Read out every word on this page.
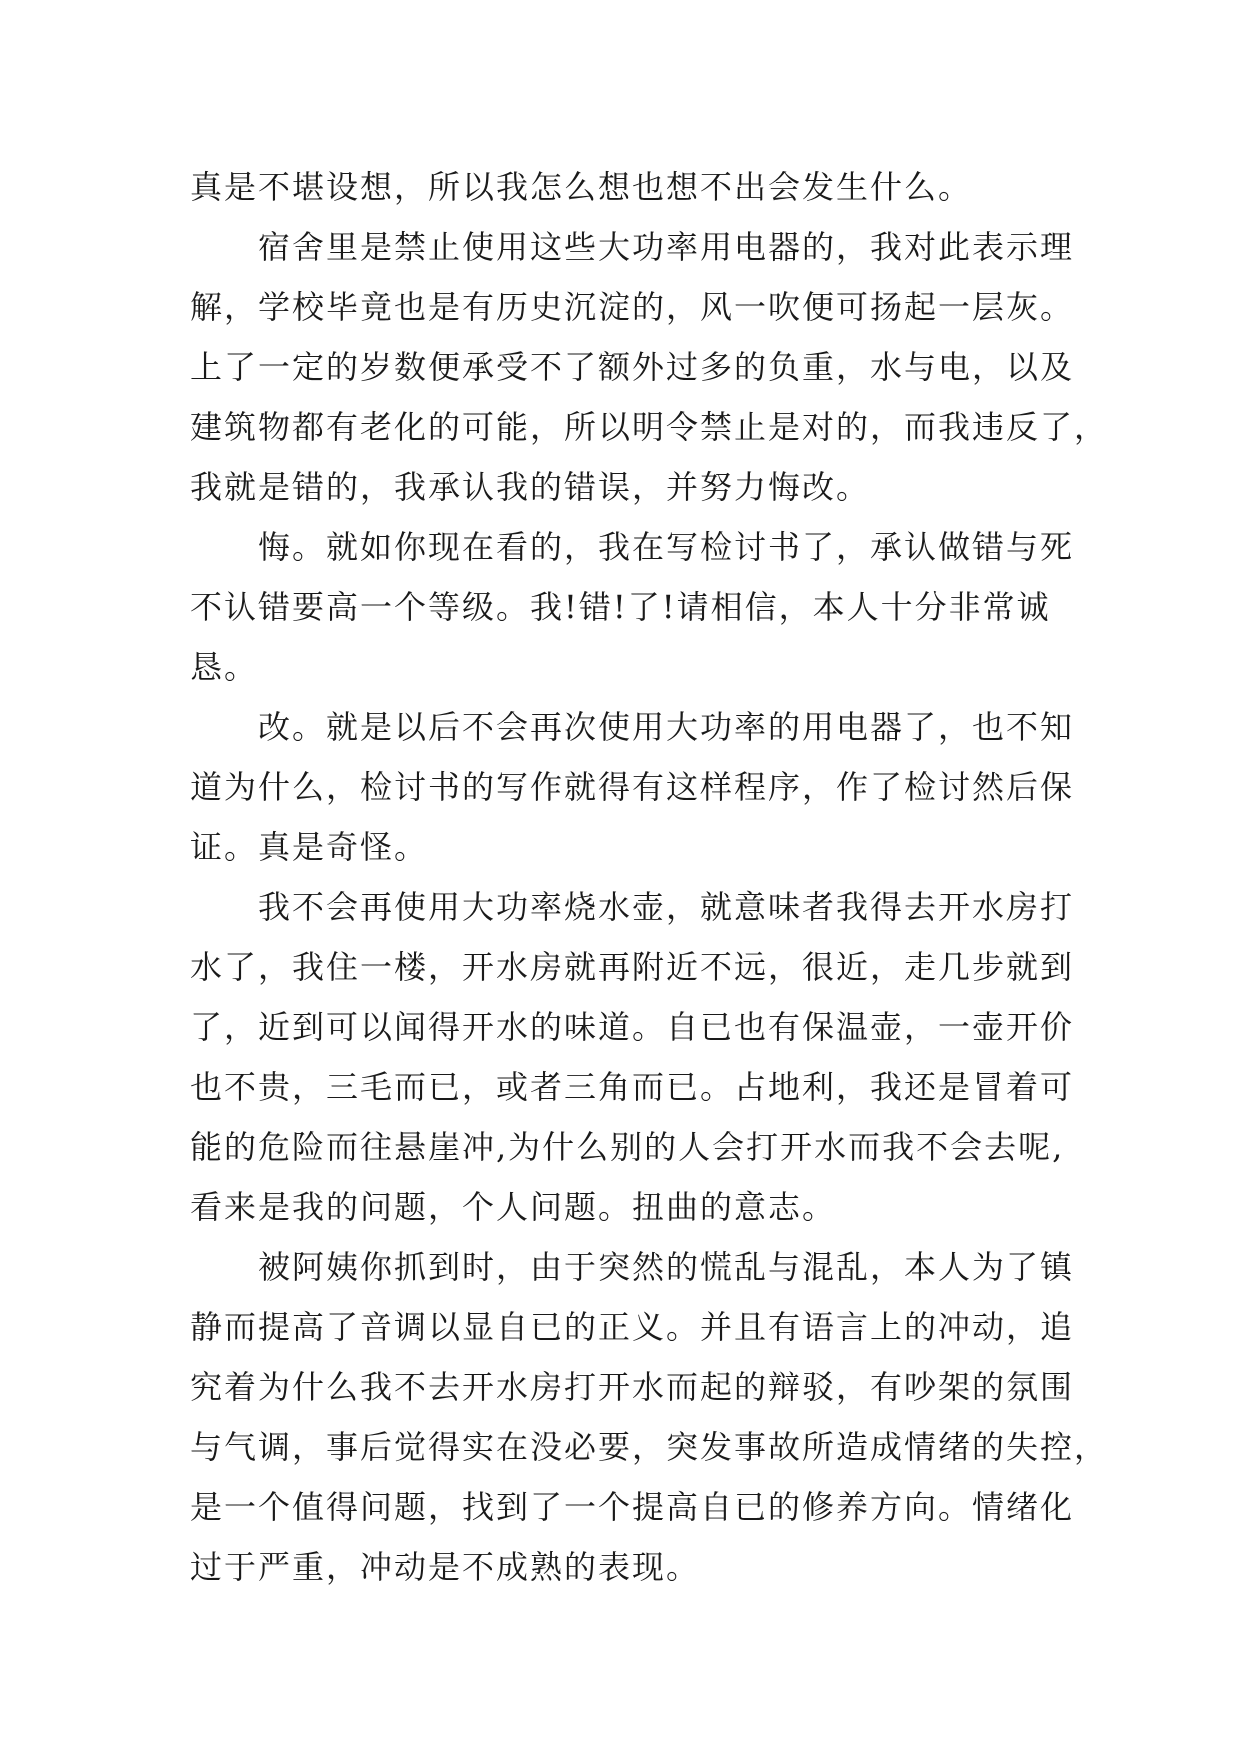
真是不堪设想，所以我怎么想也想不出会发生什么。
宿舍里是禁止使用这些大功率用电器的，我对此表示理
解，学校毕竟也是有历史沉淀的，风一吹便可扬起一层灰。
上了一定的岁数便承受不了额外过多的负重，水与电，以及
建筑物都有老化的可能，所以明令禁止是对的，而我违反了，
我就是错的，我承认我的错误，并努力悔改。
悔。就如你现在看的，我在写检讨书了，承认做错与死
不认错要高一个等级。我!错!了!请相信，本人十分非常诚
恳。
改。就是以后不会再次使用大功率的用电器了，也不知
道为什么，检讨书的写作就得有这样程序，作了检讨然后保
证。真是奇怪。
我不会再使用大功率烧水壶，就意味者我得去开水房打
水了，我住一楼，开水房就再附近不远，很近，走几步就到
了，近到可以闻得开水的味道。自已也有保温壶，一壶开价
也不贵，三毛而已，或者三角而已。占地利，我还是冒着可
能的危险而往悬崖冲,为什么别的人会打开水而我不会去呢,
看来是我的问题，个人问题。扭曲的意志。
被阿姨你抓到时，由于突然的慌乱与混乱，本人为了镇
静而提高了音调以显自已的正义。并且有语言上的冲动，追
究着为什么我不去开水房打开水而起的辩驳，有吵架的氛围
与气调，事后觉得实在没必要，突发事故所造成情绪的失控，
是一个值得问题，找到了一个提高自已的修养方向。情绪化
过于严重，冲动是不成熟的表现。
